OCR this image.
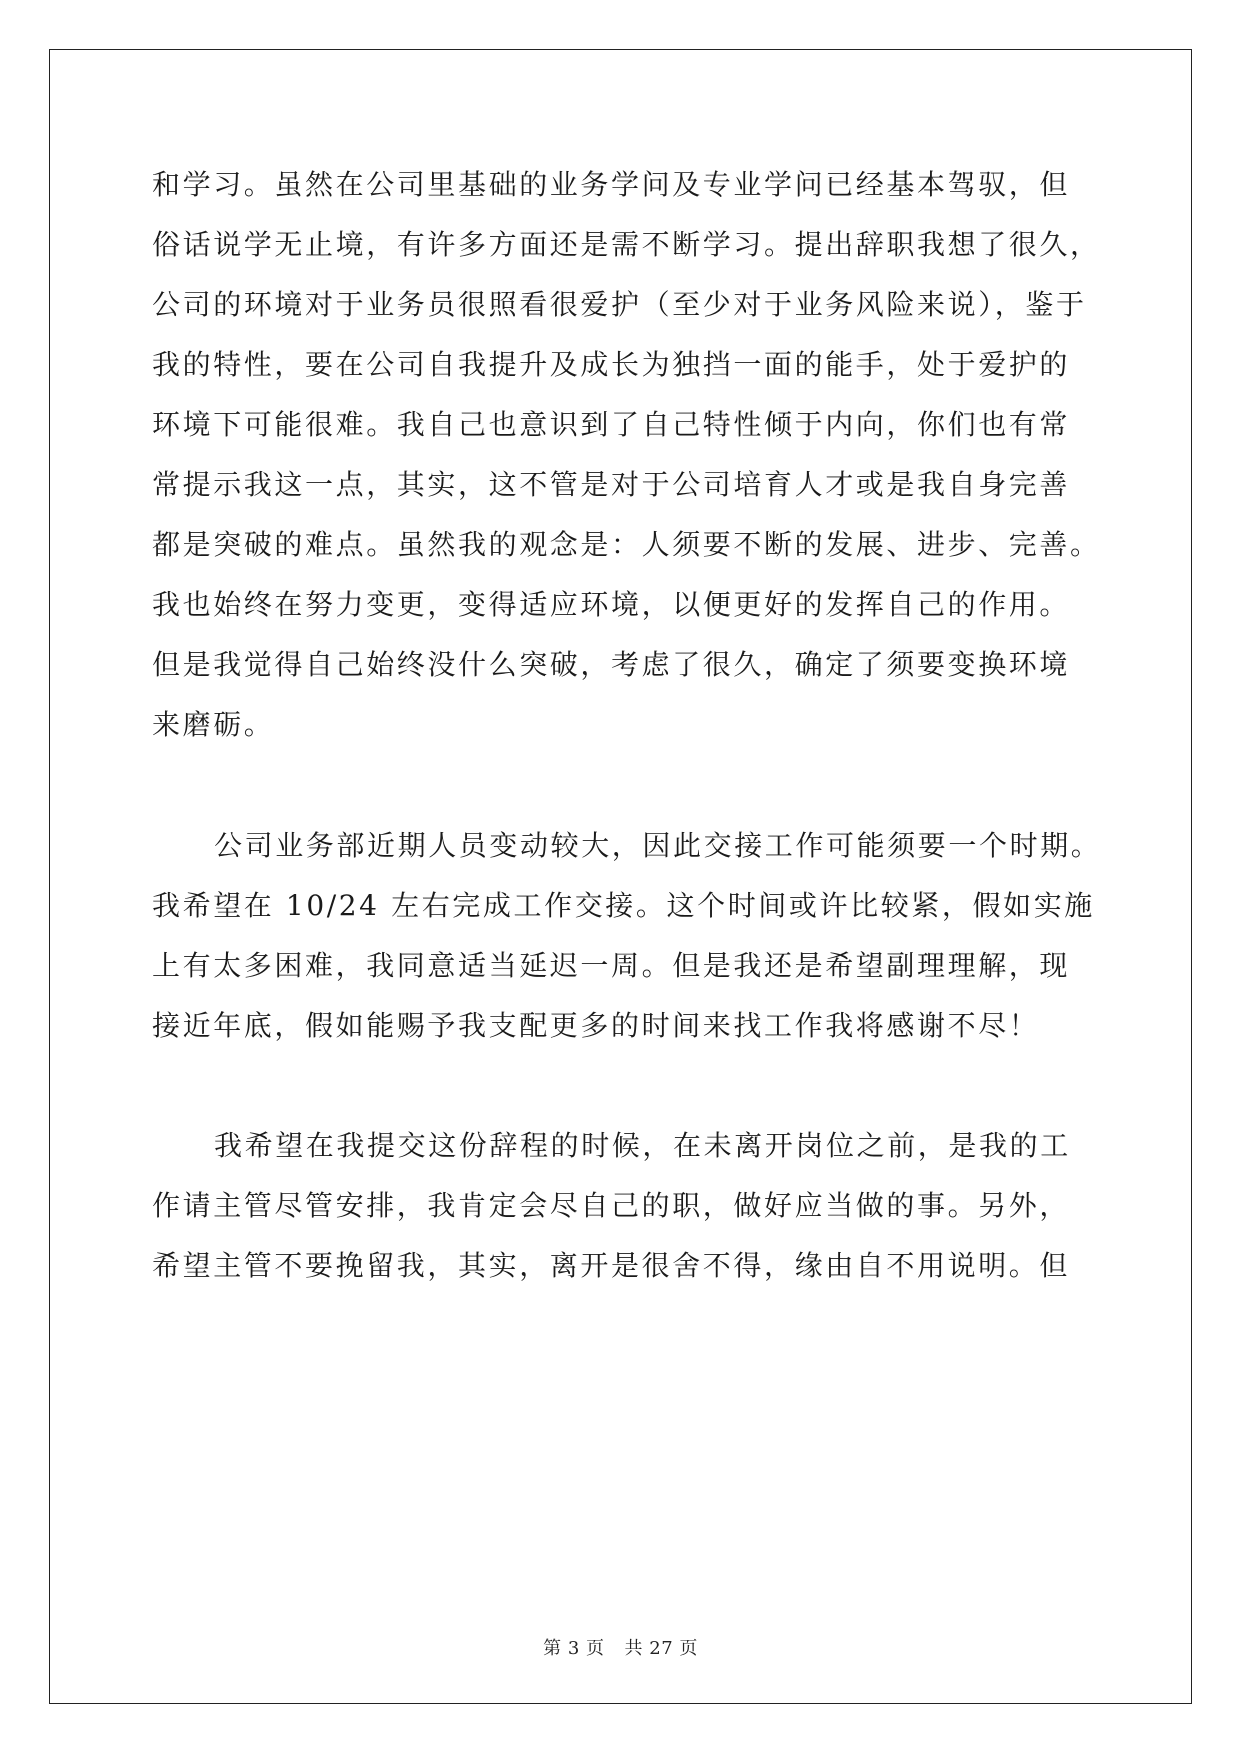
和学习。虽然在公司里基础的业务学问及专业学问已经基本驾驭，但
俗话说学无止境，有许多方面还是需不断学习。提出辞职我想了很久，
公司的环境对于业务员很照看很爱护（至少对于业务风险来说），鉴于
我的特性，要在公司自我提升及成长为独挡一面的能手，处于爱护的
环境下可能很难。我自己也意识到了自己特性倾于内向，你们也有常
常提示我这一点，其实，这不管是对于公司培育人才或是我自身完善
都是突破的难点。虽然我的观念是：人须要不断的发展、进步、完善。
我也始终在努力变更，变得适应环境，以便更好的发挥自己的作用。
但是我觉得自己始终没什么突破，考虑了很久，确定了须要变换环境
来磨砺。
公司业务部近期人员变动较大，因此交接工作可能须要一个时期。
我希望在 10/24 左右完成工作交接。这个时间或许比较紧，假如实施
上有太多困难，我同意适当延迟一周。但是我还是希望副理理解，现
接近年底，假如能赐予我支配更多的时间来找工作我将感谢不尽！
我希望在我提交这份辞程的时候，在未离开岗位之前，是我的工
作请主管尽管安排，我肯定会尽自己的职，做好应当做的事。另外，
希望主管不要挽留我，其实，离开是很舍不得，缘由自不用说明。但
第 3 页 共 27 页
